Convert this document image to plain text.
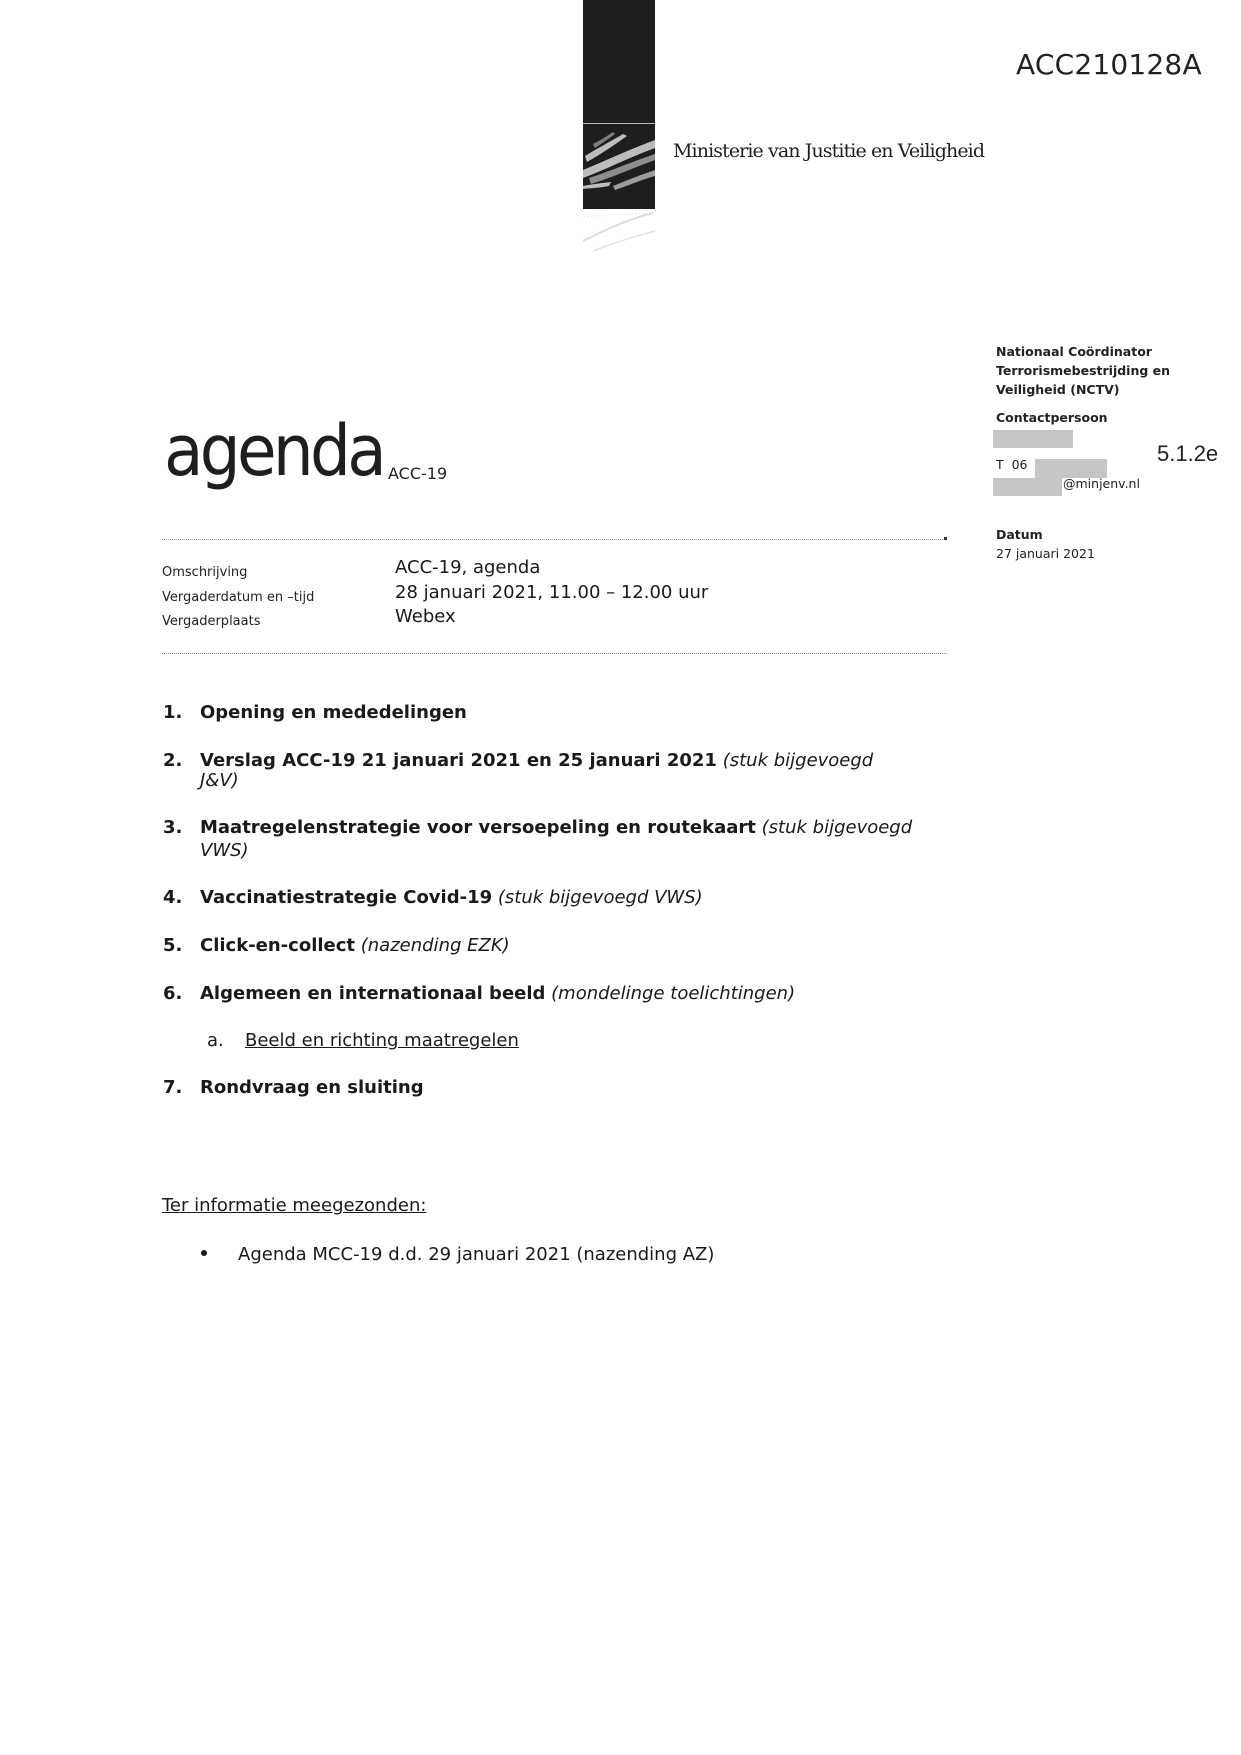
Ministerie van Justitie en Veiligheid
ACC210128A
Nationaal Coördinator
Terrorismebestrijding en
Veiligheid (NCTV)
Contactpersoon
T  06
@minjenv.nl
5.1.2e
Datum
27 januari 2021
agenda ACC-19
Omschrijving	ACC-19, agenda
Vergaderdatum en –tijd	28 januari 2021, 11.00 – 12.00 uur
Vergaderplaats	Webex
1. Opening en mededelingen
2. Verslag ACC-19 21 januari 2021 en 25 januari 2021 (stuk bijgevoegd
J&V)
3. Maatregelenstrategie voor versoepeling en routekaart (stuk bijgevoegd
VWS)
4. Vaccinatiestrategie Covid-19 (stuk bijgevoegd VWS)
5. Click-en-collect (nazending EZK)
6. Algemeen en internationaal beeld (mondelinge toelichtingen)
a. Beeld en richting maatregelen
7. Rondvraag en sluiting
Ter informatie meegezonden:
Agenda MCC-19 d.d. 29 januari 2021 (nazending AZ)
